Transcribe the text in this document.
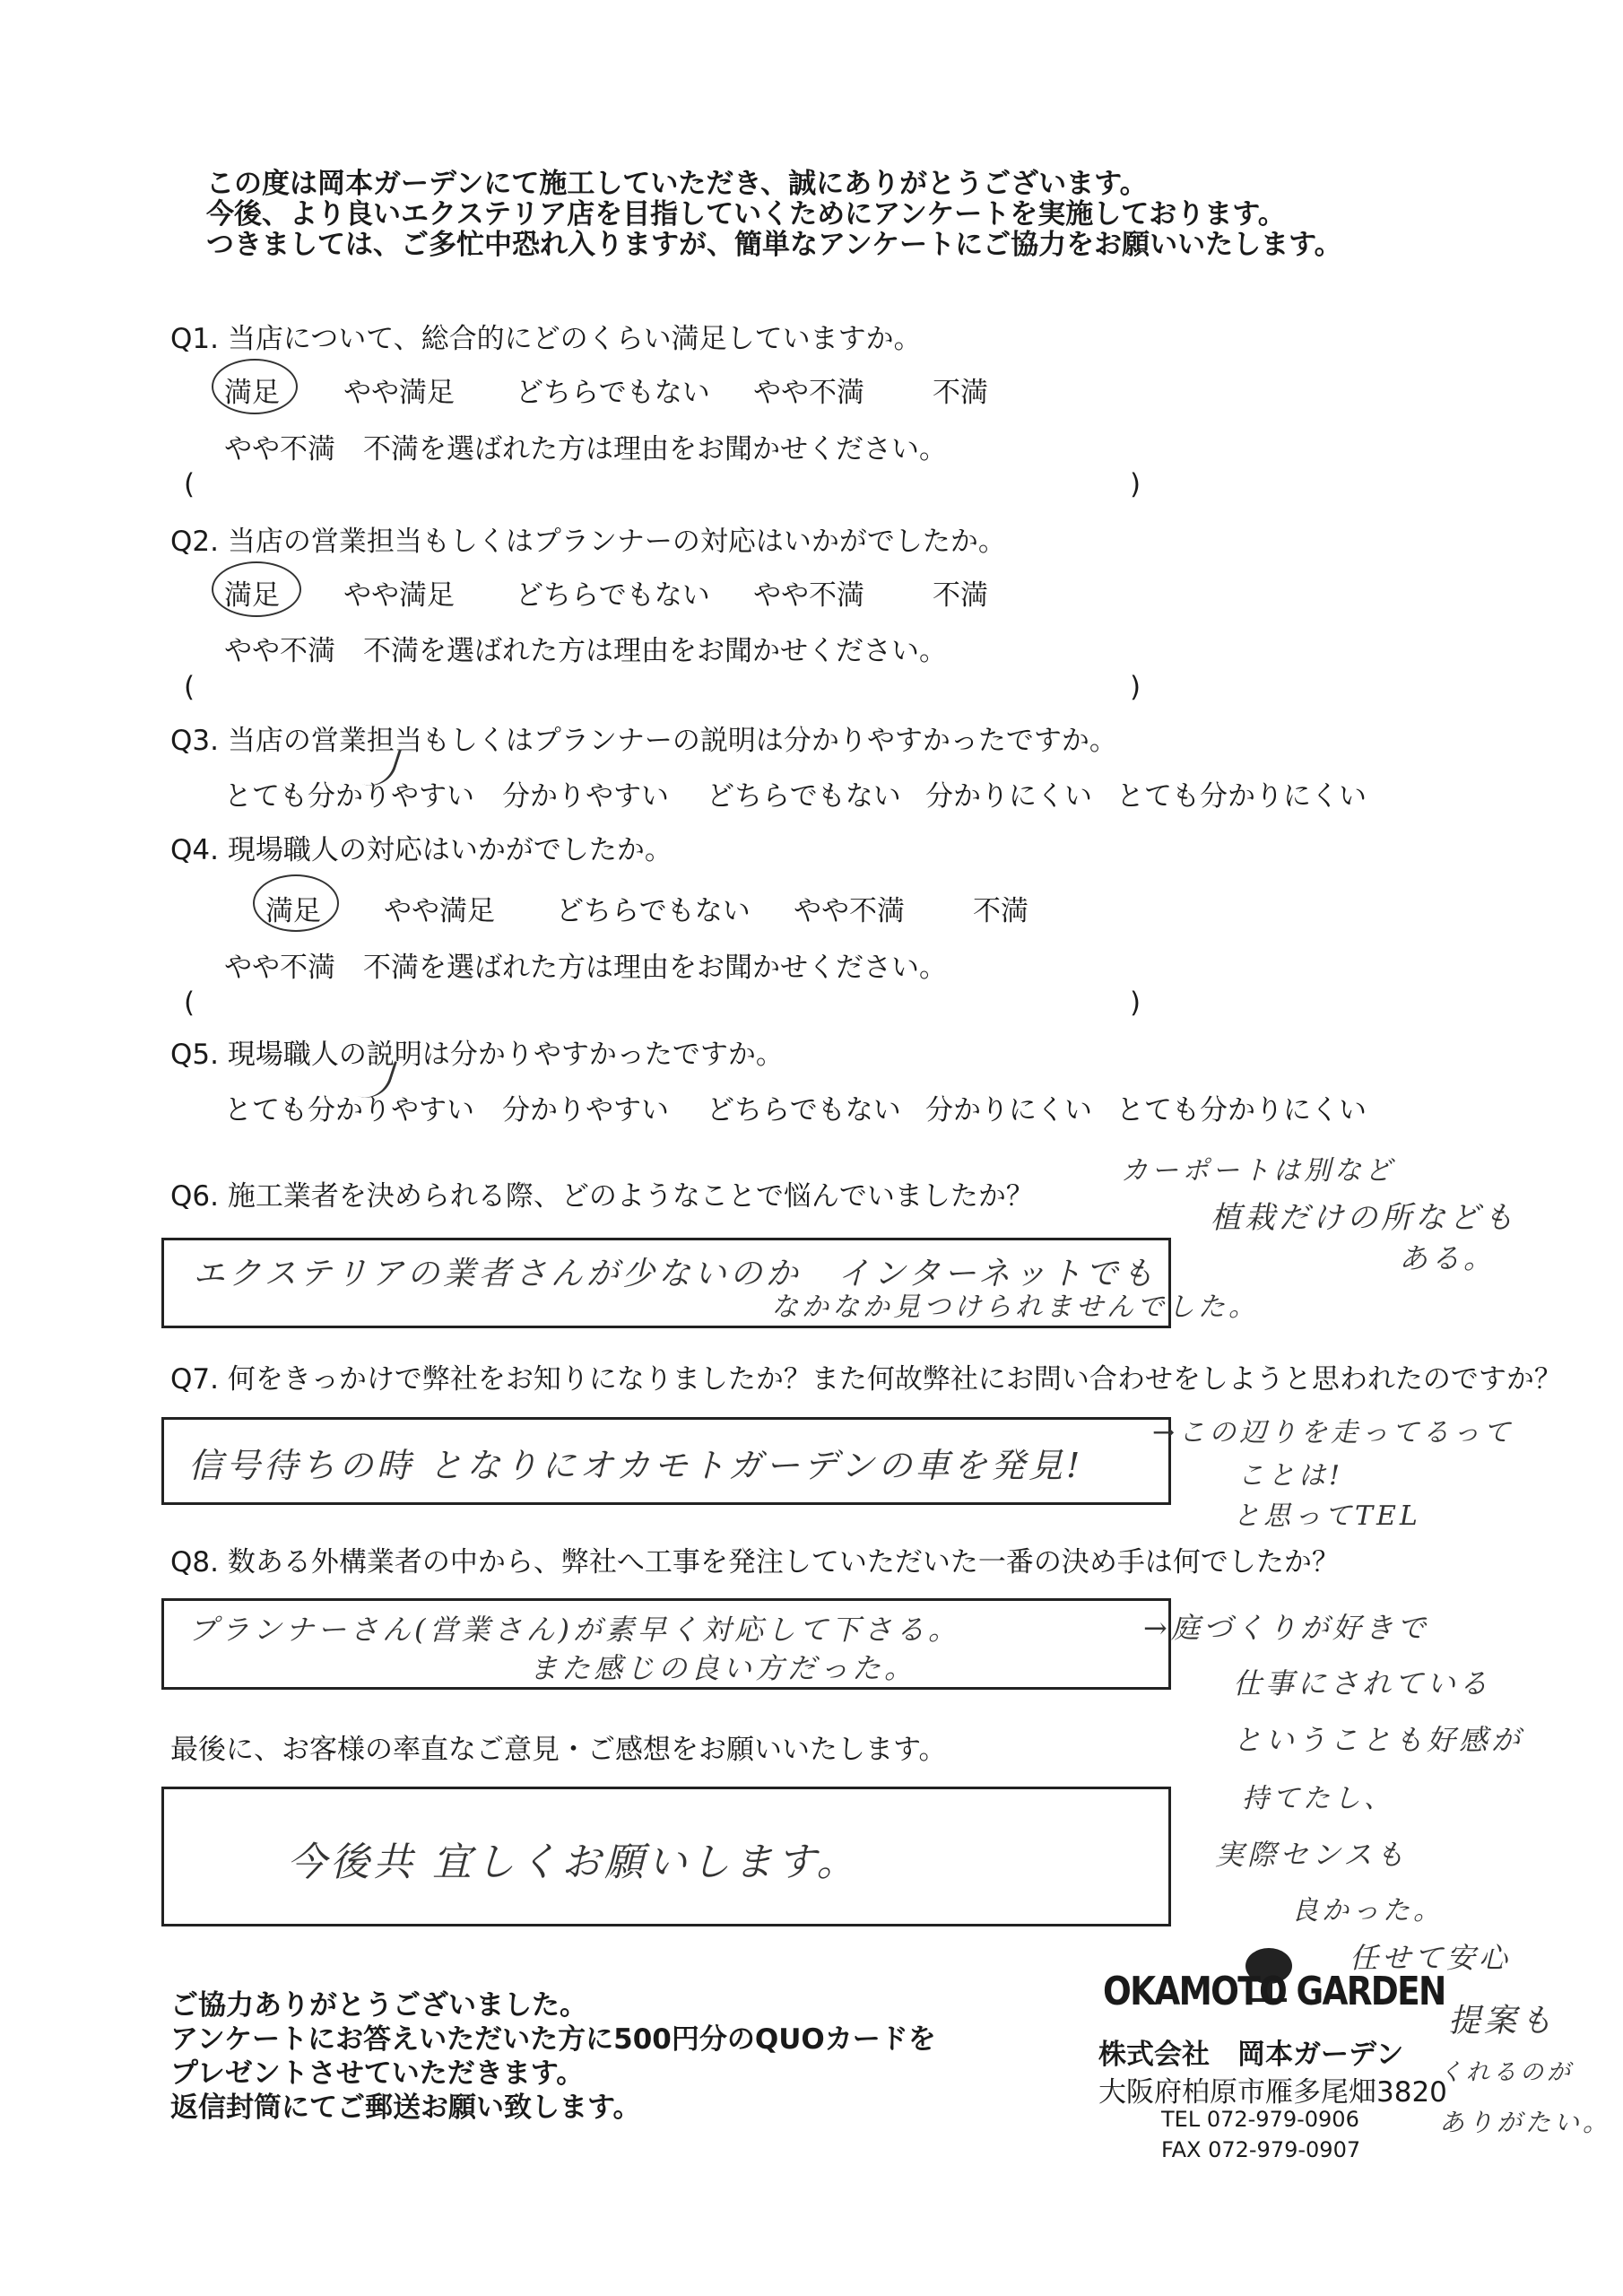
この度は岡本ガーデンにて施工していただき、誠にありがとうございます。
今後、より良いエクステリア店を目指していくためにアンケートを実施しております。
つきましては、ご多忙中恐れ入りますが、簡単なアンケートにご協力をお願いいたします。
Q1. 当店について、総合的にどのくらい満足していますか。
満足 やや満足 どちらでもない やや不満 不満
やや不満　不満を選ばれた方は理由をお聞かせください。
(	)
Q2. 当店の営業担当もしくはプランナーの対応はいかがでしたか。
満足 やや満足 どちらでもない やや不満 不満
やや不満　不満を選ばれた方は理由をお聞かせください。
(	)
Q3. 当店の営業担当もしくはプランナーの説明は分かりやすかったですか。
とても分かりやすい 分かりやすい どちらでもない 分かりにくい とても分かりにくい
Q4. 現場職人の対応はいかがでしたか。
満足 やや満足 どちらでもない やや不満 不満
やや不満　不満を選ばれた方は理由をお聞かせください。
(	)
Q5. 現場職人の説明は分かりやすかったですか。
とても分かりやすい 分かりやすい どちらでもない 分かりにくい とても分かりにくい
Q6. 施工業者を決められる際、どのようなことで悩んでいましたか？
エクステリアの業者さんが少ないのか　インターネットでも
なかなか見つけられませんでした。
カーポートは別など
植栽だけの所なども
ある。
Q7. 何をきっかけで弊社をお知りになりましたか？また何故弊社にお問い合わせをしようと思われたのですか？
信号待ちの時 となりにオカモトガーデンの車を発見!
→この辺りを走ってるって
ことは!
と思ってTEL
Q8. 数ある外構業者の中から、弊社へ工事を発注していただいた一番の決め手は何でしたか？
プランナーさん(営業さん)が素早く対応して下さる。
また感じの良い方だった。
→庭づくりが好きで
仕事にされている
ということも好感が
持てたし、
実際センスも
良かった。
任せて安心
提案も
くれるのが
ありがたい。
最後に、お客様の率直なご意見・ご感想をお願いいたします。
今後共 宜しくお願いします。
ご協力ありがとうございました。
アンケートにお答えいただいた方に500円分のQUOカードを
プレゼントさせていただきます。
返信封筒にてご郵送お願い致します。
OKAMOTO GARDEN
株式会社　岡本ガーデン
大阪府柏原市雁多尾畑3820
TEL 072-979-0906
FAX 072-979-0907
